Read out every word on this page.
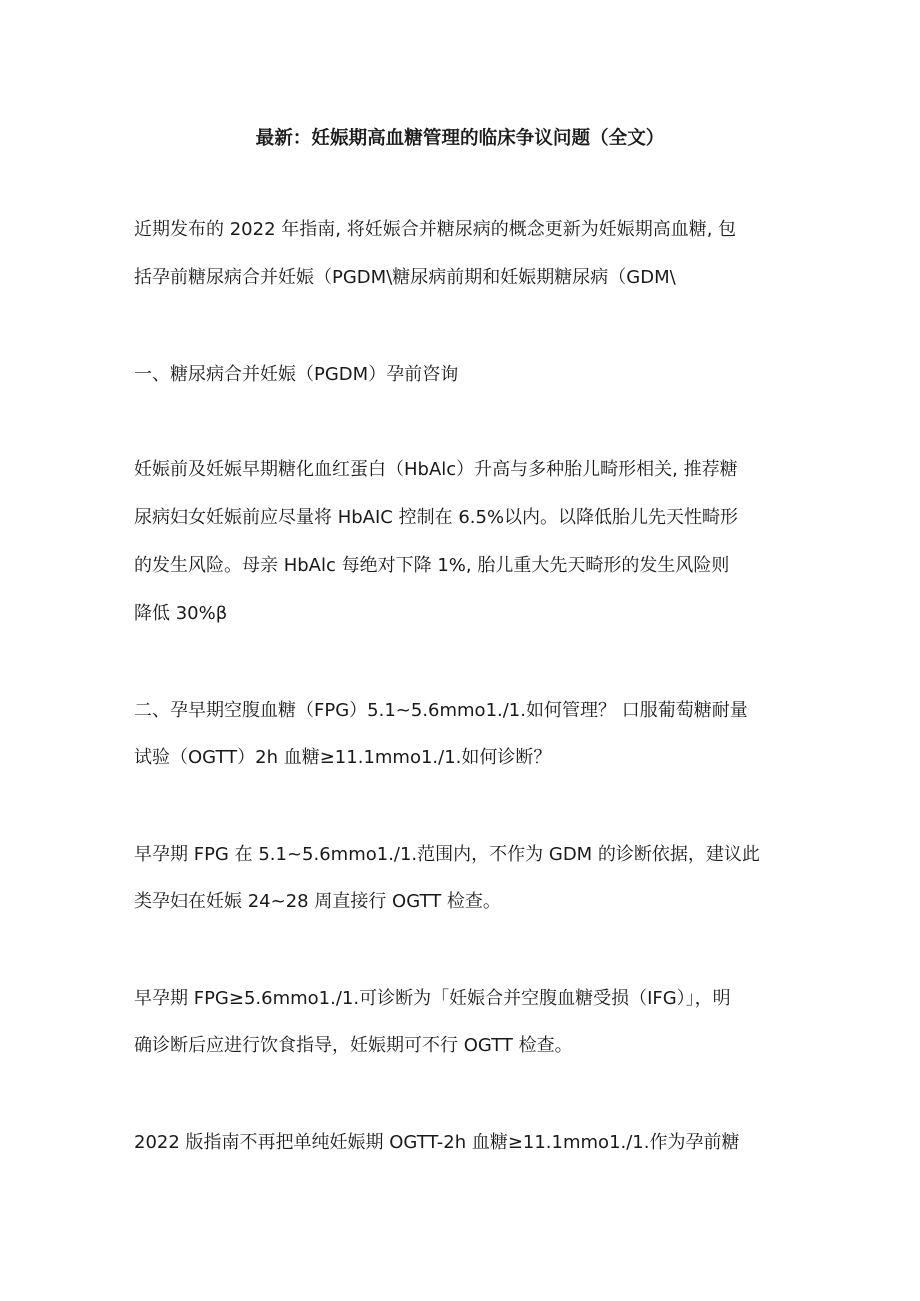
最新：妊娠期高血糖管理的临床争议问题（全文）
近期发布的 2022 年指南, 将妊娠合并糖尿病的概念更新为妊娠期高血糖, 包
括孕前糖尿病合并妊娠（PGDM\糖尿病前期和妊娠期糖尿病（GDM\
一、糖尿病合并妊娠（PGDM）孕前咨询
妊娠前及妊娠早期糖化血红蛋白（HbAlc）升高与多种胎儿畸形相关, 推荐糖
尿病妇女妊娠前应尽量将 HbAIC 控制在 6.5%以内。以降低胎儿先天性畸形
的发生风险。母亲 HbAlc 每绝对下降 1%, 胎儿重大先天畸形的发生风险则
降低 30%β
二、孕早期空腹血糖（FPG）5.1~5.6mmo1./1.如何管理？ 口服葡萄糖耐量
试验（OGTT）2h 血糖≥11.1mmo1./1.如何诊断？
早孕期 FPG 在 5.1~5.6mmo1./1.范围内，不作为 GDM 的诊断依据，建议此
类孕妇在妊娠 24~28 周直接行 OGTT 检查。
早孕期 FPG≥5.6mmo1./1.可诊断为「妊娠合并空腹血糖受损（IFG）」，明
确诊断后应进行饮食指导，妊娠期可不行 OGTT 检查。
2022 版指南不再把单纯妊娠期 OGTT-2h 血糖≥11.1mmo1./1.作为孕前糖
